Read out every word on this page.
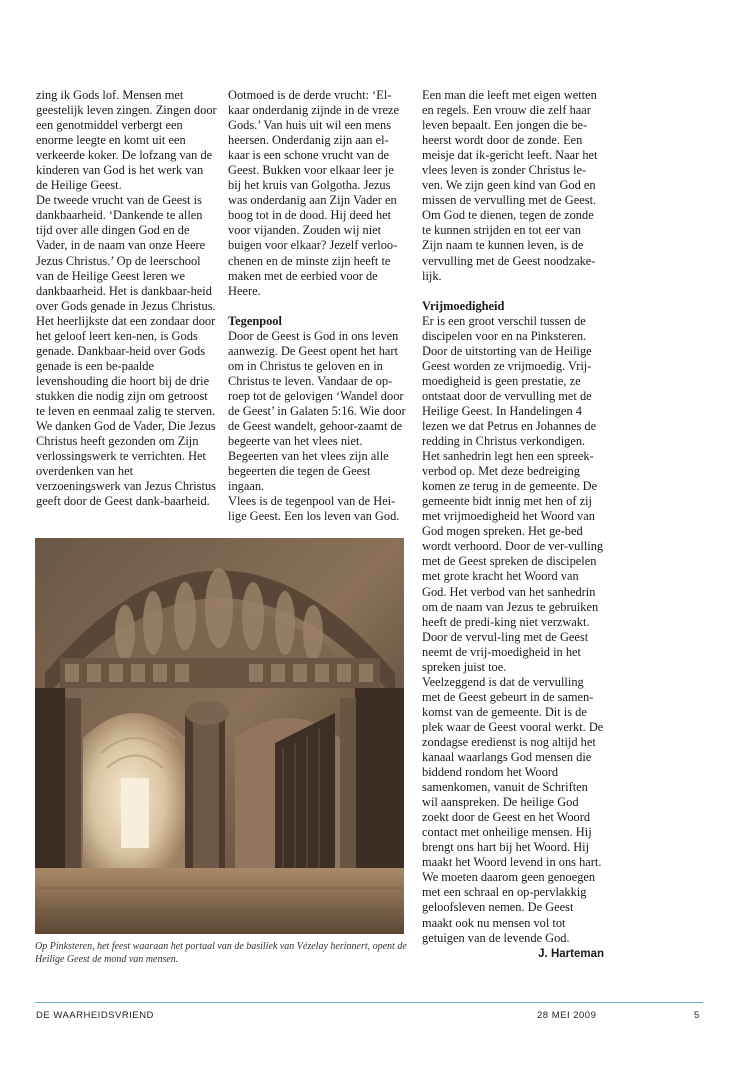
zing ik Gods lof. Mensen met geestelijk leven zingen. Zingen door een genotmiddel verbergt een enorme leegte en komt uit een verkeerde koker. De lofzang van de kinderen van God is het werk van de Heilige Geest.

De tweede vrucht van de Geest is dankbaarheid. ‘Dankende te allen tijd over alle dingen God en de Vader, in de naam van onze Heere Jezus Christus.’ Op de leerschool van de Heilige Geest leren we dankbaarheid. Het is dankbaar-heid over Gods genade in Jezus Christus. Het heerlijkste dat een zondaar door het geloof leert ken-nen, is Gods genade. Dankbaar-heid over Gods genade is een be-paalde levenshouding die hoort bij de drie stukken die nodig zijn om getroost te leven en eenmaal zalig te sterven. We danken God de Vader, Die Jezus Christus heeft gezonden om Zijn verlossingswerk te verrichten. Het overdenken van het verzoeningswerk van Jezus Christus geeft door de Geest dank-baarheid.

Ootmoed is de derde vrucht: ‘El-kaar onderdanig zijnde in de vreze Gods.’ Van huis uit wil een mens heersen. Onderdanig zijn aan el-kaar is een schone vrucht van de Geest. Bukken voor elkaar leer je bij het kruis van Golgotha. Jezus was onderdanig aan Zijn Vader en boog tot in de dood. Hij deed het voor vijanden. Zouden wij niet buigen voor elkaar? Jezelf verloo-chenen en de minste zijn heeft te maken met de eerbied voor de Heere.

Tegenpool

Door de Geest is God in ons leven aanwezig. De Geest opent het hart om in Christus te geloven en in Christus te leven. Vandaar de op-roep tot de gelovigen ‘Wandel door de Geest’ in Galaten 5:16. Wie door de Geest wandelt, gehoor-zaamt de begeerte van het vlees niet. Begeerten van het vlees zijn alle begeerten die tegen de Geest ingaan.

Vlees is de tegenpool van de Hei-lige Geest. Een los leven van God.

Een man die leeft met eigen wetten en regels. Een vrouw die zelf haar leven bepaalt. Een jongen die be-heerst wordt door de zonde. Een meisje dat ik-gericht leeft. Naar het vlees leven is zonder Christus le-ven. We zijn geen kind van God en missen de vervulling met de Geest. Om God te dienen, tegen de zonde te kunnen strijden en tot eer van Zijn naam te kunnen leven, is de vervulling met de Geest noodzake-lijk.

Vrijmoedigheid

Er is een groot verschil tussen de discipelen voor en na Pinksteren. Door de uitstorting van de Heilige Geest worden ze vrijmoedig. Vrij-moedigheid is geen prestatie, ze ontstaat door de vervulling met de Heilige Geest. In Handelingen 4 lezen we dat Petrus en Johannes de redding in Christus verkondigen. Het sanhedrin legt hen een spreek-verbod op. Met deze bedreiging komen ze terug in de gemeente. De gemeente bidt innig met hen of zij met vrijmoedigheid het Woord van God mogen spreken. Het ge-bed wordt verhoord. Door de ver-vulling met de Geest spreken de discipelen met grote kracht het Woord van God. Het verbod van het sanhedrin om de naam van Jezus te gebruiken heeft de predi-king niet verzwakt. Door de vervul-ling met de Geest neemt de vrij-moedigheid in het spreken juist toe.

Veelzeggend is dat de vervulling met de Geest gebeurt in de samen-komst van de gemeente. Dit is de plek waar de Geest vooral werkt. De zondagse eredienst is nog altijd het kanaal waarlangs God mensen die biddend rondom het Woord samenkomen, vanuit de Schriften wil aanspreken. De heilige God zoekt door de Geest en het Woord contact met onheilige mensen. Hij brengt ons hart bij het Woord. Hij maakt het Woord levend in ons hart. We moeten daarom geen genoegen met een schraal en op-pervlakkig geloofsleven nemen. De Geest maakt ook nu mensen vol tot getuigen van de levende God.

J. Harteman
Op Pinksteren, het feest waaraan het portaal van de basiliek van Vézelay herinnert, opent de Heilige Geest de mond van mensen.
DE WAARHEIDSVRIEND	28 MEI 2009	5
